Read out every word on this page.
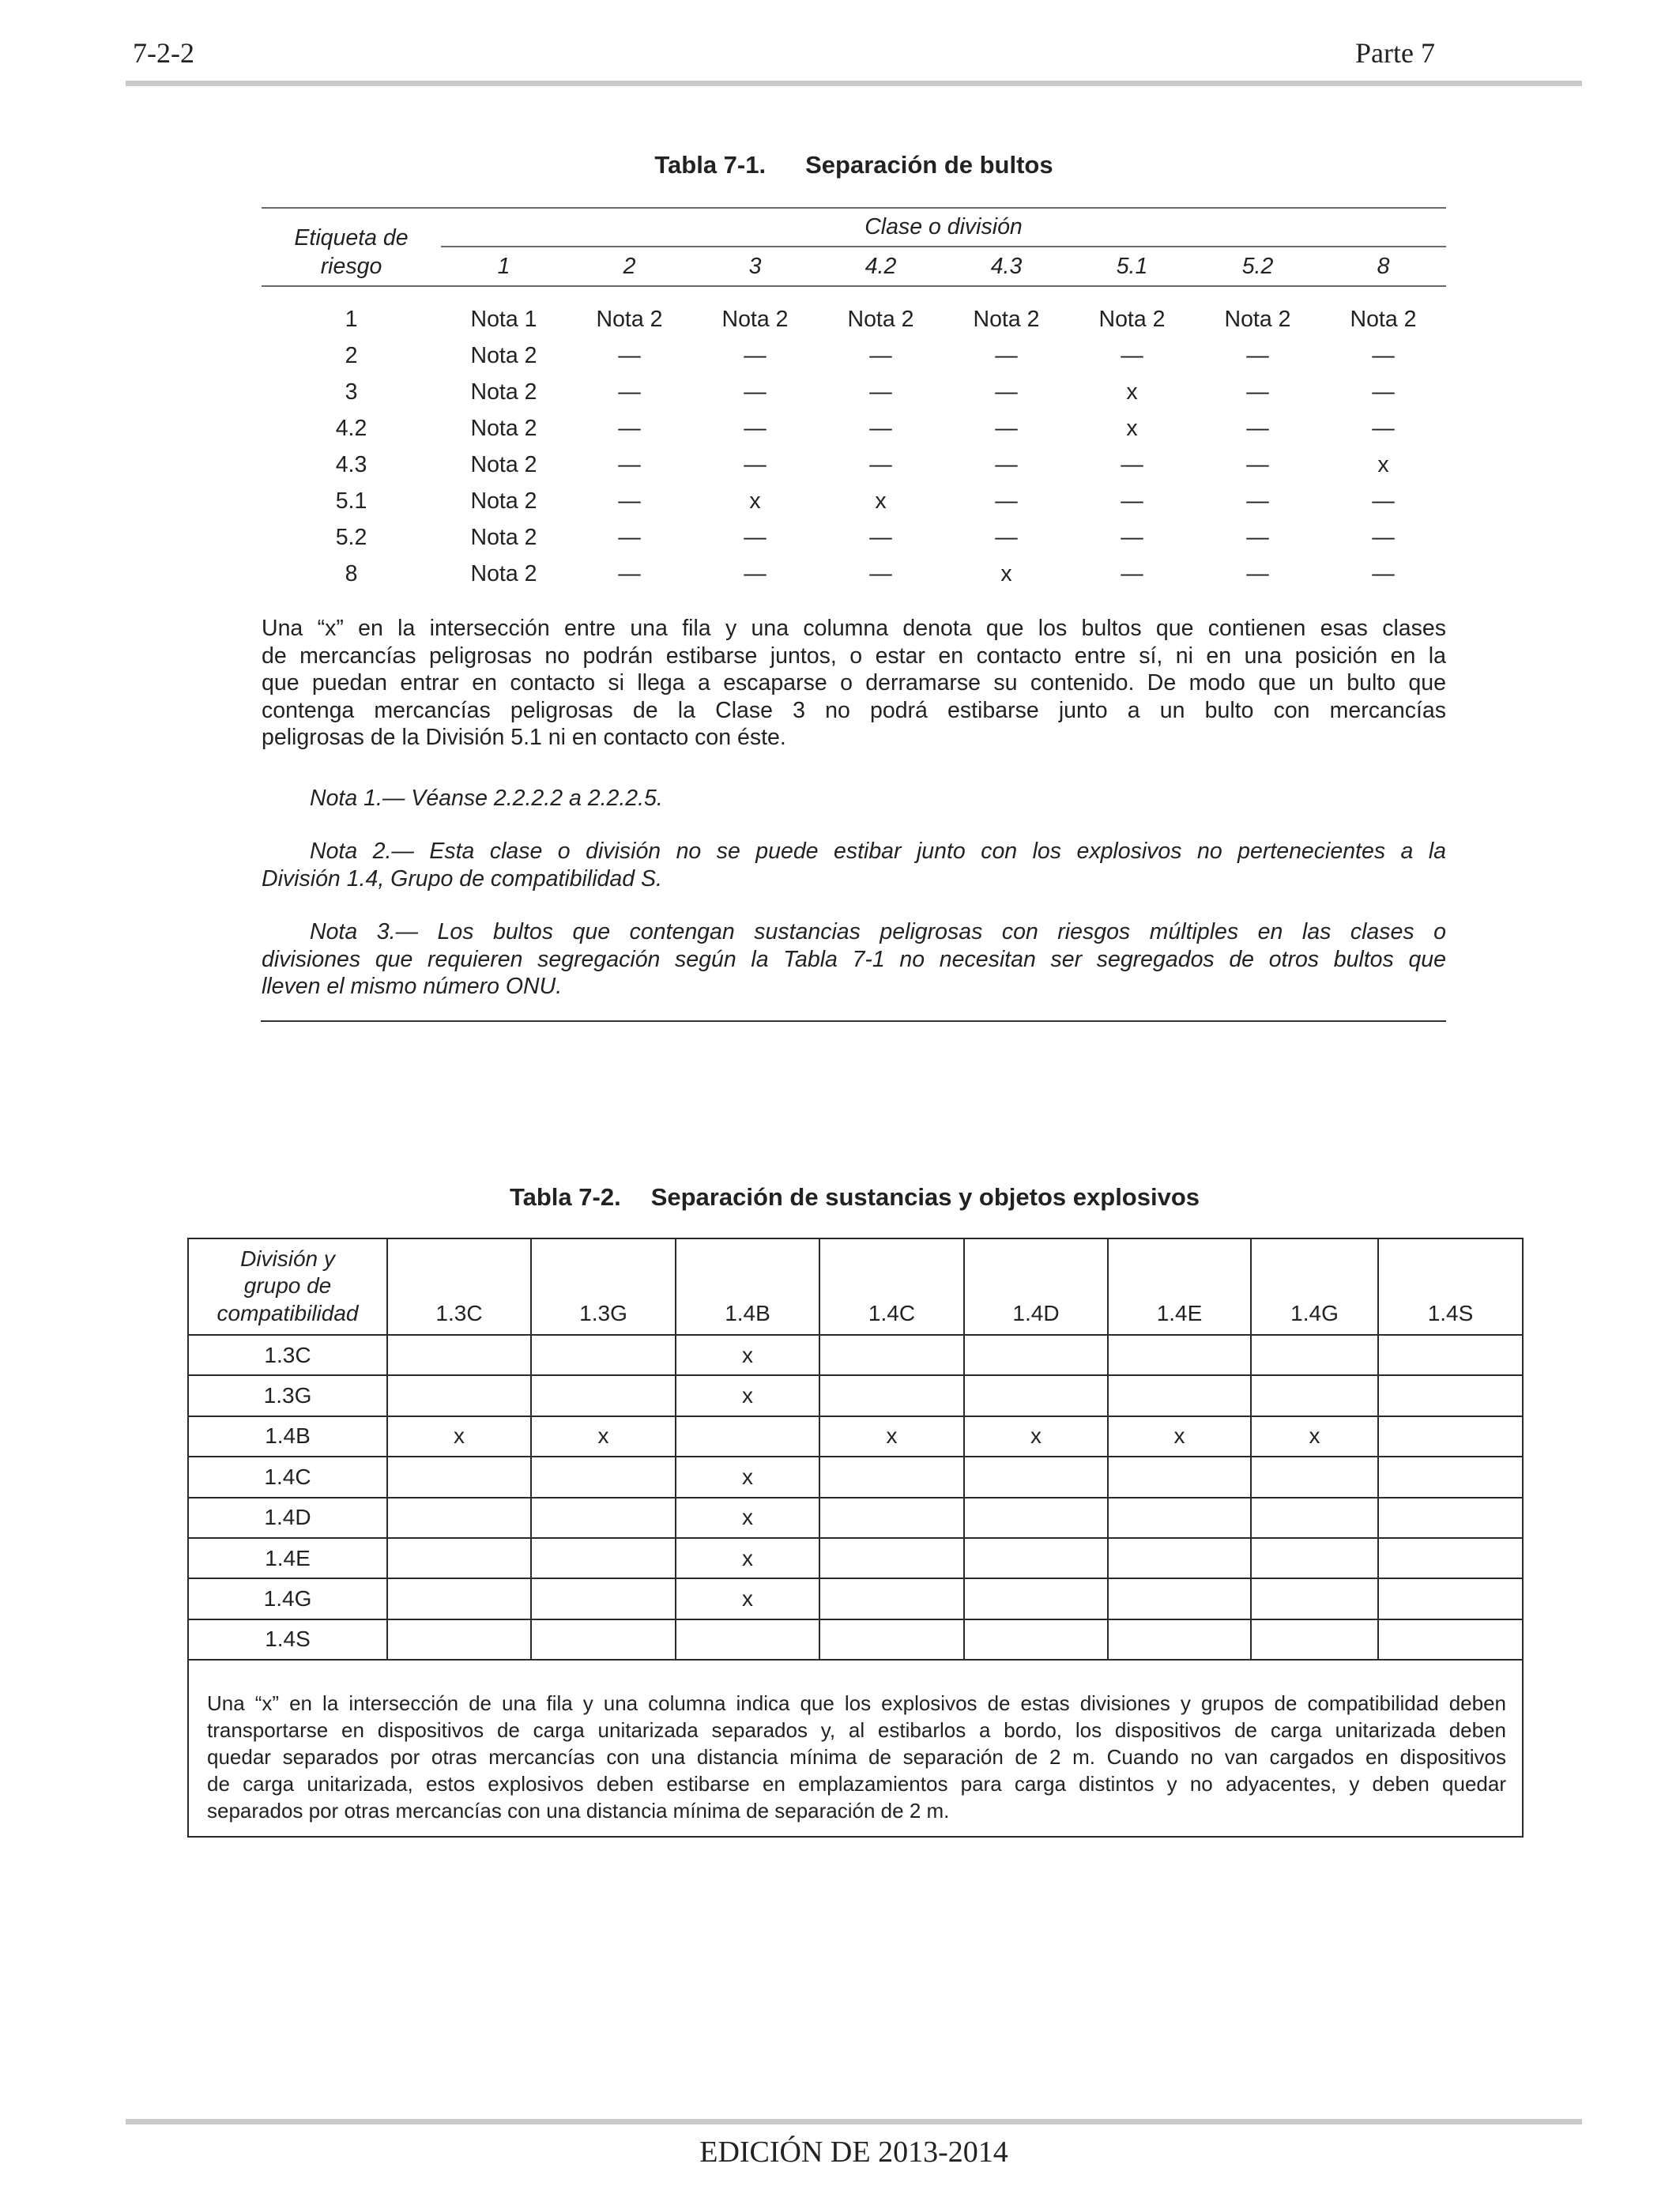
7-2-2	Parte 7
Tabla 7-1. Separación de bultos
Etiqueta de
riesgo
Clase o división
1	2	3	4.2	4.3	5.1	5.2	8
1	Nota 1	Nota 2	Nota 2	Nota 2	Nota 2	Nota 2	Nota 2	Nota 2
2	Nota 2	—	—	—	—	—	—	—
3	Nota 2	—	—	—	—	x	—	—
4.2	Nota 2	—	—	—	—	x	—	—
4.3	Nota 2	—	—	—	—	—	—	x
5.1	Nota 2	—	x	x	—	—	—	—
5.2	Nota 2	—	—	—	—	—	—	—
8	Nota 2	—	—	—	x	—	—	—
Una “x” en la intersección entre una fila y una columna denota que los bultos que contienen esas clases
de mercancías peligrosas no podrán estibarse juntos, o estar en contacto entre sí, ni en una posición en la
que puedan entrar en contacto si llega a escaparse o derramarse su contenido. De modo que un bulto que
contenga mercancías peligrosas de la Clase 3 no podrá estibarse junto a un bulto con mercancías
peligrosas de la División 5.1 ni en contacto con éste.
Nota 1.— Véanse 2.2.2.2 a 2.2.2.5.
Nota 2.— Esta clase o división no se puede estibar junto con los explosivos no pertenecientes a la
División 1.4, Grupo de compatibilidad S.
Nota 3.— Los bultos que contengan sustancias peligrosas con riesgos múltiples en las clases o
divisiones que requieren segregación según la Tabla 7-1 no necesitan ser segregados de otros bultos que
lleven el mismo número ONU.
Tabla 7-2. Separación de sustancias y objetos explosivos
División y
grupo de
compatibilidad	1.3C	1.3G	1.4B	1.4C	1.4D	1.4E	1.4G	1.4S
1.3C			x					
1.3G			x					
1.4B	x	x		x	x	x	x	
1.4C			x					
1.4D			x					
1.4E			x					
1.4G			x					
1.4S								

Una “x” en la intersección de una fila y una columna indica que los explosivos de estas divisiones y grupos de compatibilidad deben
transportarse en dispositivos de carga unitarizada separados y, al estibarlos a bordo, los dispositivos de carga unitarizada deben
quedar separados por otras mercancías con una distancia mínima de separación de 2 m. Cuando no van cargados en dispositivos
de carga unitarizada, estos explosivos deben estibarse en emplazamientos para carga distintos y no adyacentes, y deben quedar
separados por otras mercancías con una distancia mínima de separación de 2 m.								
EDICIÓN DE 2013-2014
